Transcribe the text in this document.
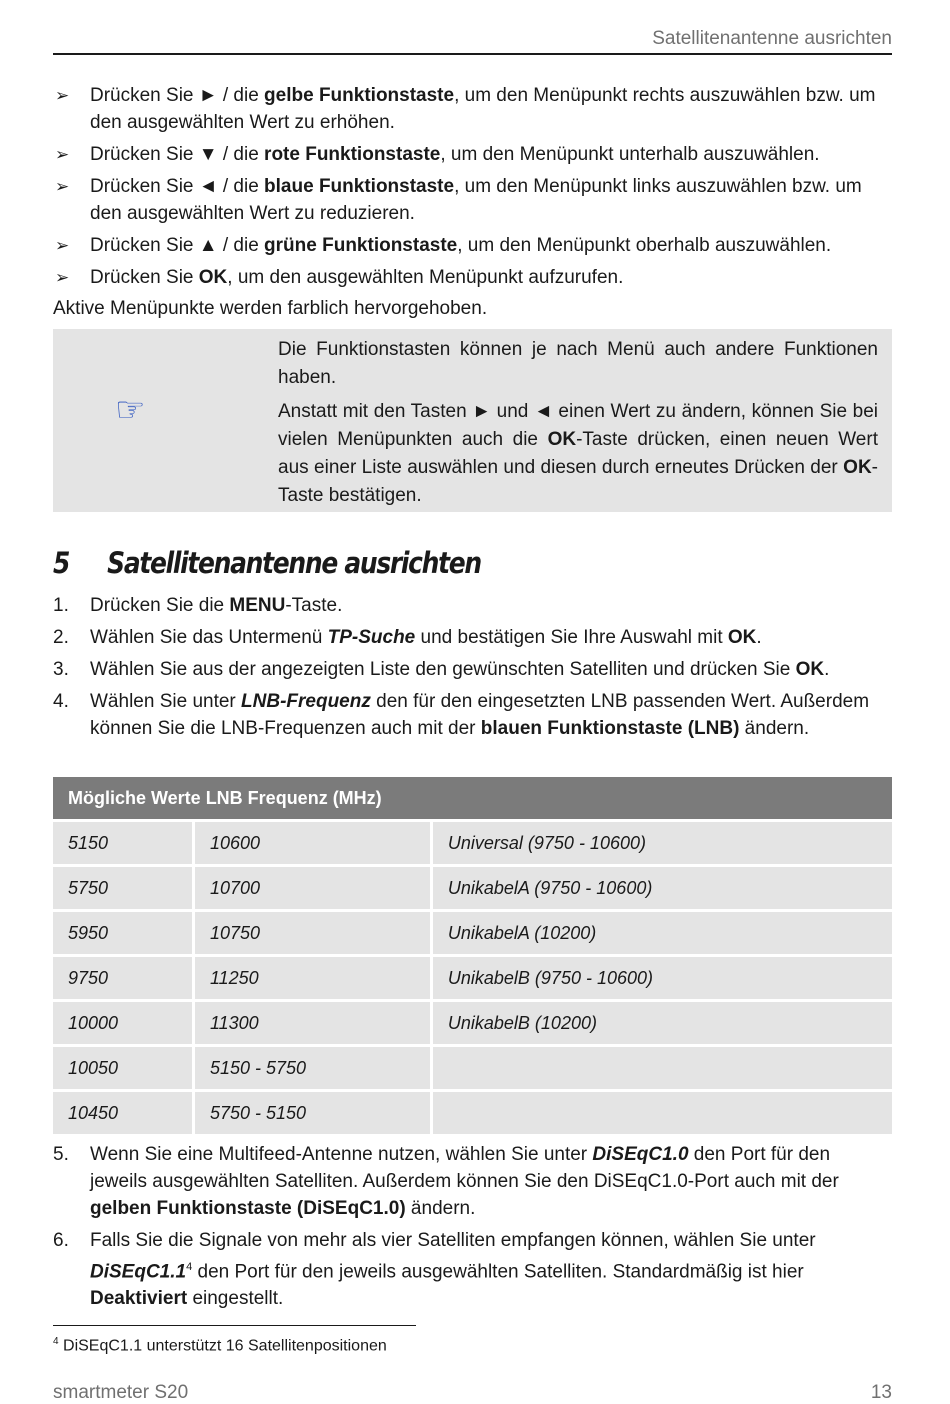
Satellitenantenne ausrichten
➢ Drücken Sie ► / die gelbe Funktionstaste, um den Menüpunkt rechts auszuwählen bzw. um den ausgewählten Wert zu erhöhen.
➢ Drücken Sie ▼ / die rote Funktionstaste, um den Menüpunkt unterhalb auszuwählen.
➢ Drücken Sie ◄ / die blaue Funktionstaste, um den Menüpunkt links auszuwählen bzw. um den ausgewählten Wert zu reduzieren.
➢ Drücken Sie ▲ / die grüne Funktionstaste, um den Menüpunkt oberhalb auszuwählen.
➢ Drücken Sie OK, um den ausgewählten Menüpunkt aufzurufen.
Aktive Menüpunkte werden farblich hervorgehoben.
☞

Die Funktionstasten können je nach Menü auch andere Funktionen haben.

Anstatt mit den Tasten ► und ◄ einen Wert zu ändern, können Sie bei vielen Menüpunkten auch die OK-Taste drücken, einen neuen Wert aus einer Liste auswählen und diesen durch erneutes Drücken der OK-Taste bestätigen.

5 Satellitenantenne ausrichten
1. Drücken Sie die MENU-Taste.
2. Wählen Sie das Untermenü TP-Suche und bestätigen Sie Ihre Auswahl mit OK.
3. Wählen Sie aus der angezeigten Liste den gewünschten Satelliten und drücken Sie OK.
4. Wählen Sie unter LNB-Frequenz den für den eingesetzten LNB passenden Wert. Außerdem können Sie die LNB-Frequenzen auch mit der blauen Funktionstaste (LNB) ändern.
Mögliche Werte LNB Frequenz (MHz)		
5150	10600	Universal (9750 - 10600)
5750	10700	UnikabelA (9750 - 10600)
5950	10750	UnikabelA (10200)
9750	11250	UnikabelB (9750 - 10600)
10000	11300	UnikabelB (10200)
10050	5150 - 5750	
10450	5750 - 5150	
5. Wenn Sie eine Multifeed-Antenne nutzen, wählen Sie unter DiSEqC1.0 den Port für den jeweils ausgewählten Satelliten. Außerdem können Sie den DiSEqC1.0-Port auch mit der gelben Funktionstaste (DiSEqC1.0) ändern.
6. Falls Sie die Signale von mehr als vier Satelliten empfangen können, wählen Sie unter $DiSEqC1.1^4$ den Port für den jeweils ausgewählten Satelliten. Standardmäßig ist hier Deaktiviert eingestellt.
$^4$ DiSEqC1.1 unterstützt 16 Satellitenpositionen
smartmeter S20	13
